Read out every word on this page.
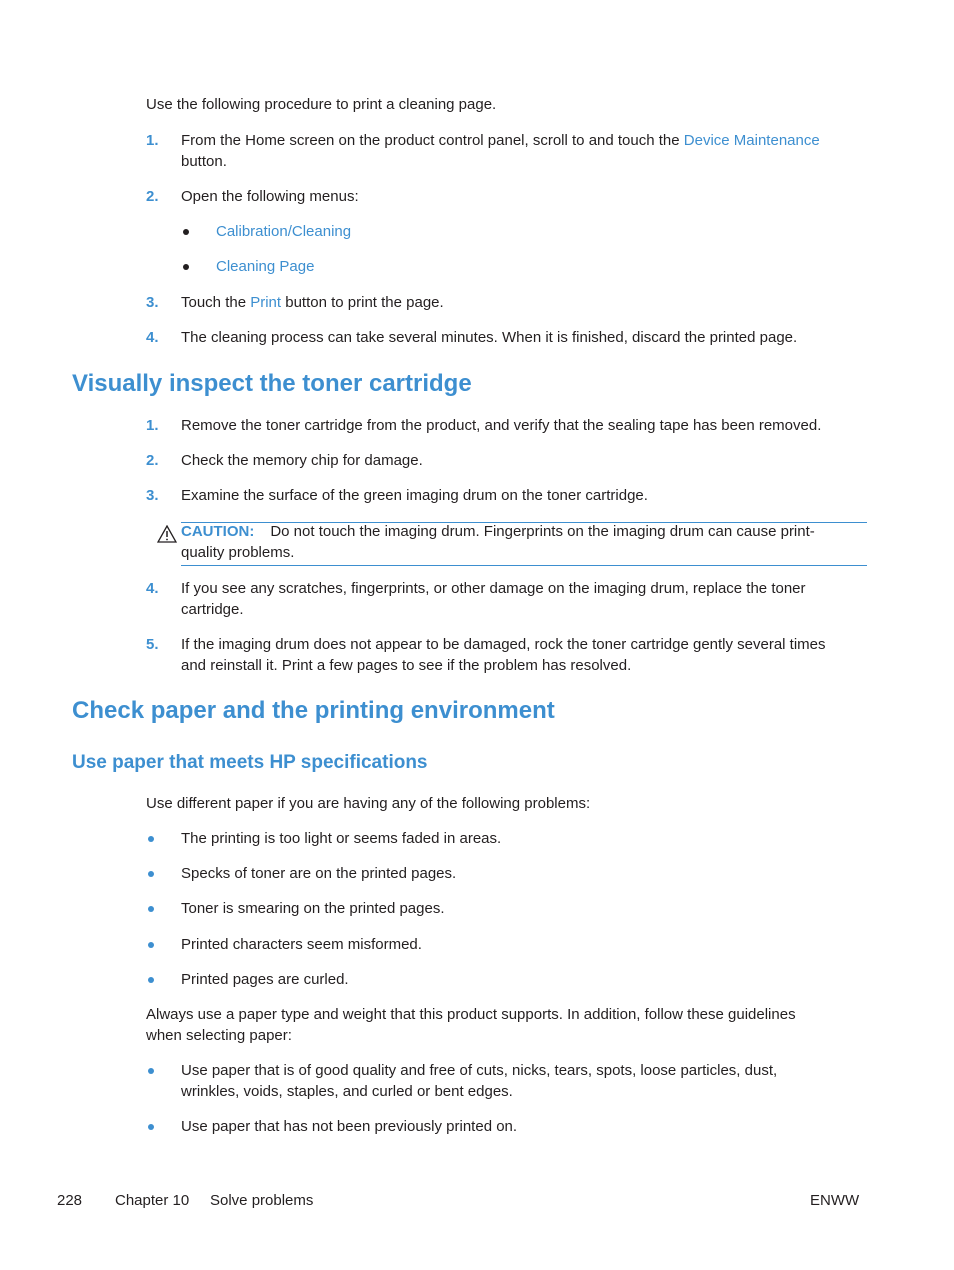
Use the following procedure to print a cleaning page.
1. From the Home screen on the product control panel, scroll to and touch the Device Maintenance
button.
2. Open the following menus:
Calibration/Cleaning
Cleaning Page
3. Touch the Print button to print the page.
4. The cleaning process can take several minutes. When it is finished, discard the printed page.
Visually inspect the toner cartridge
1. Remove the toner cartridge from the product, and verify that the sealing tape has been removed.
2. Check the memory chip for damage.
3. Examine the surface of the green imaging drum on the toner cartridge.
CAUTION: Do not touch the imaging drum. Fingerprints on the imaging drum can cause print-
quality problems.
4. If you see any scratches, fingerprints, or other damage on the imaging drum, replace the toner
cartridge.
5. If the imaging drum does not appear to be damaged, rock the toner cartridge gently several times
and reinstall it. Print a few pages to see if the problem has resolved.
Check paper and the printing environment
Use paper that meets HP specifications
Use different paper if you are having any of the following problems:
The printing is too light or seems faded in areas.
Specks of toner are on the printed pages.
Toner is smearing on the printed pages.
Printed characters seem misformed.
Printed pages are curled.
Always use a paper type and weight that this product supports. In addition, follow these guidelines
when selecting paper:
Use paper that is of good quality and free of cuts, nicks, tears, spots, loose particles, dust,
wrinkles, voids, staples, and curled or bent edges.
Use paper that has not been previously printed on.
228 Chapter 10 Solve problems	ENWW
